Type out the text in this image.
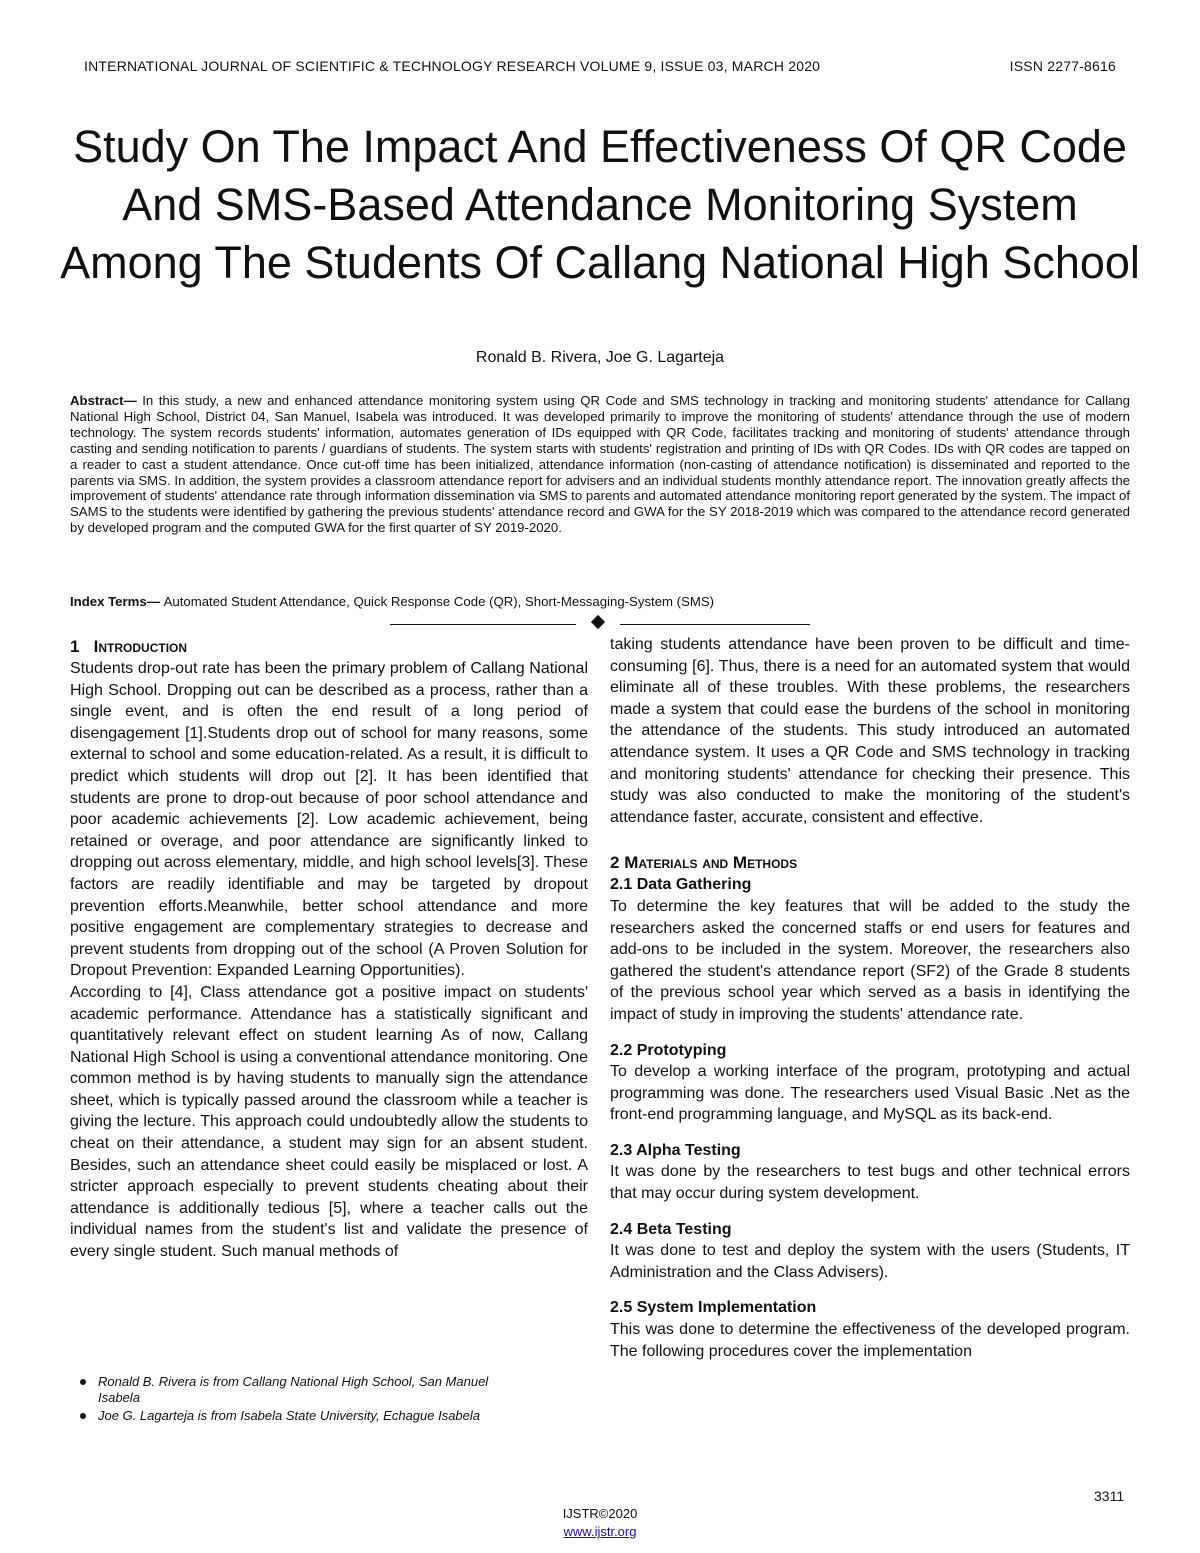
INTERNATIONAL JOURNAL OF SCIENTIFIC & TECHNOLOGY RESEARCH VOLUME 9, ISSUE 03, MARCH 2020	ISSN 2277-8616
Study On The Impact And Effectiveness Of QR Code And SMS-Based Attendance Monitoring System Among The Students Of Callang National High School
Ronald B. Rivera, Joe G. Lagarteja

Abstract— In this study, a new and enhanced attendance monitoring system using QR Code and SMS technology in tracking and monitoring students' attendance for Callang National High School, District 04, San Manuel, Isabela was introduced. It was developed primarily to improve the monitoring of students' attendance through the use of modern technology. The system records students' information, automates generation of IDs equipped with QR Code, facilitates tracking and monitoring of students' attendance through casting and sending notification to parents / guardians of students. The system starts with students' registration and printing of IDs with QR Codes. IDs with QR codes are tapped on a reader to cast a student attendance. Once cut-off time has been initialized, attendance information (non-casting of attendance notification) is disseminated and reported to the parents via SMS. In addition, the system provides a classroom attendance report for advisers and an individual students monthly attendance report. The innovation greatly affects the improvement of students' attendance rate through information dissemination via SMS to parents and automated attendance monitoring report generated by the system. The impact of SAMS to the students were identified by gathering the previous students' attendance record and GWA for the SY 2018-2019 which was compared to the attendance record generated by developed program and the computed GWA for the first quarter of SY 2019-2020.

Index Terms— Automated Student Attendance, Quick Response Code (QR), Short-Messaging-System (SMS)

1 Introduction

Students drop-out rate has been the primary problem of Callang National High School. Dropping out can be described as a process, rather than a single event, and is often the end result of a long period of disengagement [1].Students drop out of school for many reasons, some external to school and some education-related. As a result, it is difficult to predict which students will drop out [2]. It has been identified that students are prone to drop-out because of poor school attendance and poor academic achievements [2]. Low academic achievement, being retained or overage, and poor attendance are significantly linked to dropping out across elementary, middle, and high school levels[3]. These factors are readily identifiable and may be targeted by dropout prevention efforts.Meanwhile, better school attendance and more positive engagement are complementary strategies to decrease and prevent students from dropping out of the school (A Proven Solution for Dropout Prevention: Expanded Learning Opportunities).

According to [4], Class attendance got a positive impact on students' academic performance. Attendance has a statistically significant and quantitatively relevant effect on student learning As of now, Callang National High School is using a conventional attendance monitoring. One common method is by having students to manually sign the attendance sheet, which is typically passed around the classroom while a teacher is giving the lecture. This approach could undoubtedly allow the students to cheat on their attendance, a student may sign for an absent student. Besides, such an attendance sheet could easily be misplaced or lost. A stricter approach especially to prevent students cheating about their attendance is additionally tedious [5], where a teacher calls out the individual names from the student's list and validate the presence of every single student. Such manual methods of

Ronald B. Rivera is from Callang National High School, San Manuel Isabela
Joe G. Lagarteja is from Isabela State University, Echague Isabela

taking students attendance have been proven to be difficult and time-consuming [6]. Thus, there is a need for an automated system that would eliminate all of these troubles. With these problems, the researchers made a system that could ease the burdens of the school in monitoring the attendance of the students. This study introduced an automated attendance system. It uses a QR Code and SMS technology in tracking and monitoring students' attendance for checking their presence. This study was also conducted to make the monitoring of the student's attendance faster, accurate, consistent and effective.

2 Materials and Methods

2.1 Data Gathering

To determine the key features that will be added to the study the researchers asked the concerned staffs or end users for features and add-ons to be included in the system. Moreover, the researchers also gathered the student's attendance report (SF2) of the Grade 8 students of the previous school year which served as a basis in identifying the impact of study in improving the students' attendance rate.

2.2 Prototyping

To develop a working interface of the program, prototyping and actual programming was done. The researchers used Visual Basic .Net as the front-end programming language, and MySQL as its back-end.

2.3 Alpha Testing

It was done by the researchers to test bugs and other technical errors that may occur during system development.

2.4 Beta Testing

It was done to test and deploy the system with the users (Students, IT Administration and the Class Advisers).

2.5 System Implementation

This was done to determine the effectiveness of the developed program. The following procedures cover the implementation

3311
IJSTR©2020
www.ijstr.org
